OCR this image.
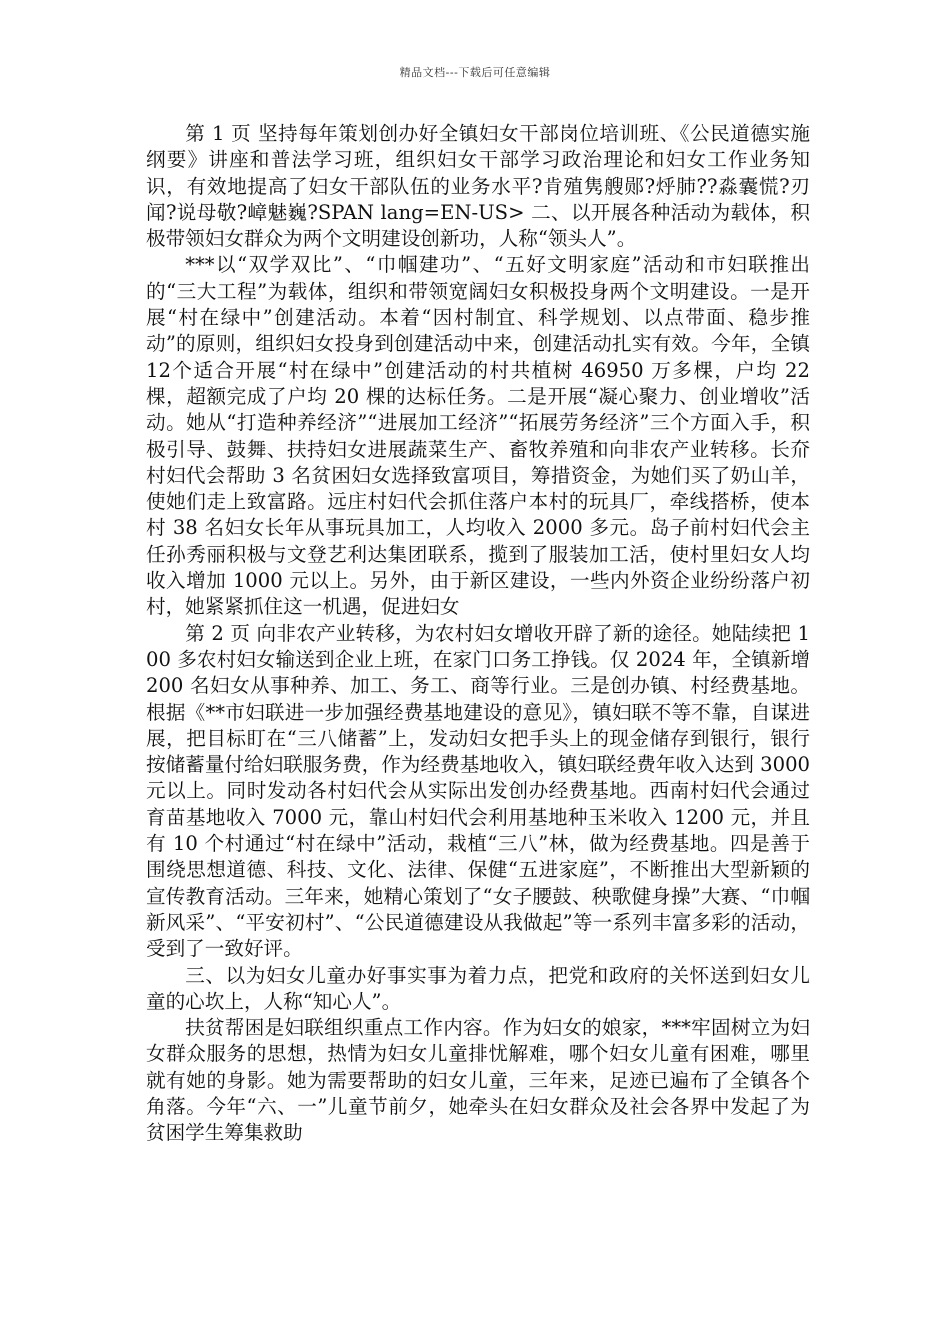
精品文档---下载后可任意编辑

第 1 页 坚持每年策划创办好全镇妇女干部岗位培训班、《公民道德实施纲要》讲座和普法学习班，组织妇女干部学习政治理论和妇女工作业务知识，有效地提高了妇女干部队伍的业务水平?肯殖隽艘郧?烀肺??淼囊慌?刃闻?说母敬?嶂魅巍?SPAN lang=EN-US> 二、以开展各种活动为载体，积极带领妇女群众为两个文明建设创新功，人称“领头人”。

***以“双学双比”、“巾帼建功”、“五好文明家庭”活动和市妇联推出的“三大工程”为载体，组织和带领宽阔妇女积极投身两个文明建设。一是开展“村在绿中”创建活动。本着“因村制宜、科学规划、以点带面、稳步推动”的原则，组织妇女投身到创建活动中来，创建活动扎实有效。今年，全镇12个适合开展“村在绿中”创建活动的村共植树 46950 万多棵，户均 22 棵，超额完成了户均 20 棵的达标任务。二是开展“凝心聚力、创业增收”活动。她从“打造种养经济”“进展加工经济”“拓展劳务经济”三个方面入手，积极引导、鼓舞、扶持妇女进展蔬菜生产、畜牧养殖和向非农产业转移。长夼村妇代会帮助 3 名贫困妇女选择致富项目，筹措资金，为她们买了奶山羊，使她们走上致富路。远庄村妇代会抓住落户本村的玩具厂，牵线搭桥，使本村 38 名妇女长年从事玩具加工，人均收入 2000 多元。岛子前村妇代会主任孙秀丽积极与文登艺利达集团联系，揽到了服装加工活，使村里妇女人均收入增加 1000 元以上。另外，由于新区建设，一些内外资企业纷纷落户初村，她紧紧抓住这一机遇，促进妇女

第 2 页 向非农产业转移，为农村妇女增收开辟了新的途径。她陆续把 100 多农村妇女输送到企业上班，在家门口务工挣钱。仅 2024 年，全镇新增 200 名妇女从事种养、加工、务工、商等行业。三是创办镇、村经费基地。根据《**市妇联进一步加强经费基地建设的意见》，镇妇联不等不靠，自谋进展，把目标盯在“三八储蓄”上，发动妇女把手头上的现金储存到银行，银行按储蓄量付给妇联服务费，作为经费基地收入，镇妇联经费年收入达到 3000 元以上。同时发动各村妇代会从实际出发创办经费基地。西南村妇代会通过育苗基地收入 7000 元，靠山村妇代会利用基地种玉米收入 1200 元，并且有 10 个村通过“村在绿中”活动，栽植“三八”林，做为经费基地。四是善于围绕思想道德、科技、文化、法律、保健“五进家庭”，不断推出大型新颖的宣传教育活动。三年来，她精心策划了“女子腰鼓、秧歌健身操”大赛、“巾帼新风采”、“平安初村”、“公民道德建设从我做起”等一系列丰富多彩的活动，受到了一致好评。

三、以为妇女儿童办好事实事为着力点，把党和政府的关怀送到妇女儿童的心坎上，人称“知心人”。

扶贫帮困是妇联组织重点工作内容。作为妇女的娘家，***牢固树立为妇女群众服务的思想，热情为妇女儿童排忧解难，哪个妇女儿童有困难，哪里就有她的身影。她为需要帮助的妇女儿童，三年来，足迹已遍布了全镇各个角落。今年“六、一”儿童节前夕，她牵头在妇女群众及社会各界中发起了为贫困学生筹集救助
